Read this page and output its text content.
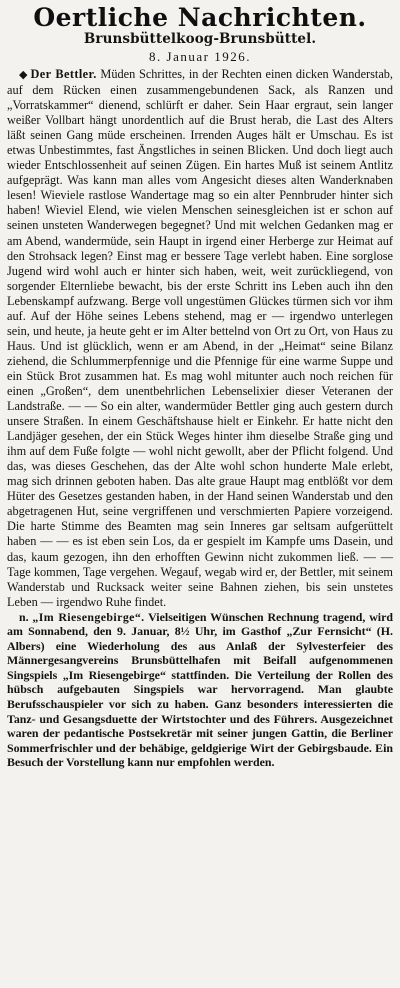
Oertliche Nachrichten.
Brunsbüttelkoog-Brunsbüttel.
8. Januar 1926.

◆ Der Bettler. Müden Schrittes, in der Rechten einen dicken Wanderstab, auf dem Rücken einen zusammengebundenen Sack, als Ranzen und „Vorratskammer“ dienend, schlürft er daher. Sein Haar ergraut, sein langer weißer Vollbart hängt unordentlich auf die Brust herab, die Last des Alters läßt seinen Gang müde erscheinen. Irrenden Auges hält er Umschau. Es ist etwas Unbestimmtes, fast Ängstliches in seinen Blicken. Und doch liegt auch wieder Entschlossenheit auf seinen Zügen. Ein hartes Muß ist seinem Antlitz aufgeprägt. Was kann man alles vom Angesicht dieses alten Wanderknaben lesen! Wieviele rastlose Wandertage mag so ein alter Pennbruder hinter sich haben! Wieviel Elend, wie vielen Menschen seinesgleichen ist er schon auf seinen unsteten Wanderwegen begegnet? Und mit welchen Gedanken mag er am Abend, wandermüde, sein Haupt in irgend einer Herberge zur Heimat auf den Strohsack legen? Einst mag er bessere Tage verlebt haben. Eine sorglose Jugend wird wohl auch er hinter sich haben, weit, weit zurückliegend, von sorgender Elternliebe bewacht, bis der erste Schritt ins Leben auch ihn den Lebenskampf aufzwang. Berge voll ungestümen Glückes türmen sich vor ihm auf. Auf der Höhe seines Lebens stehend, mag er — irgendwo unterlegen sein, und heute, ja heute geht er im Alter bettelnd von Ort zu Ort, von Haus zu Haus. Und ist glücklich, wenn er am Abend, in der „Heimat“ seine Bilanz ziehend, die Schlummerpfennige und die Pfennige für eine warme Suppe und ein Stück Brot zusammen hat. Es mag wohl mitunter auch noch reichen für einen „Großen“, dem unentbehrlichen Lebenselixier dieser Veteranen der Landstraße. — — So ein alter, wandermüder Bettler ging auch gestern durch unsere Straßen. In einem Geschäftshause hielt er Einkehr. Er hatte nicht den Landjäger gesehen, der ein Stück Weges hinter ihm dieselbe Straße ging und ihm auf dem Fuße folgte — wohl nicht gewollt, aber der Pflicht folgend. Und das, was dieses Geschehen, das der Alte wohl schon hunderte Male erlebt, mag sich drinnen geboten haben. Das alte graue Haupt mag entblößt vor dem Hüter des Gesetzes gestanden haben, in der Hand seinen Wanderstab und den abgetragenen Hut, seine vergriffenen und verschmierten Papiere vorzeigend. Die harte Stimme des Beamten mag sein Inneres gar seltsam aufgerüttelt haben — — es ist eben sein Los, da er gespielt im Kampfe ums Dasein, und das, kaum gezogen, ihn den erhofften Gewinn nicht zukommen ließ. — — Tage kommen, Tage vergehen. Wegauf, wegab wird er, der Bettler, mit seinem Wanderstab und Rucksack weiter seine Bahnen ziehen, bis sein unstetes Leben — irgendwo Ruhe findet.

n. „Im Riesengebirge“. Vielseitigen Wünschen Rechnung tragend, wird am Sonnabend, den 9. Januar, 8½ Uhr, im Gasthof „Zur Fernsicht“ (H. Albers) eine Wiederholung des aus Anlaß der Sylvesterfeier des Männergesangvereins Brunsbüttelhafen mit Beifall aufgenommenen Singspiels „Im Riesengebirge“ stattfinden. Die Verteilung der Rollen des hübsch aufgebauten Singspiels war hervorragend. Man glaubte Berufsschauspieler vor sich zu haben. Ganz besonders interessierten die Tanz- und Gesangsduette der Wirtstochter und des Führers. Ausgezeichnet waren der pedantische Postsekretär mit seiner jungen Gattin, die Berliner Sommerfrischler und der behäbige, geldgierige Wirt der Gebirgsbaude. Ein Besuch der Vorstellung kann nur empfohlen werden.
